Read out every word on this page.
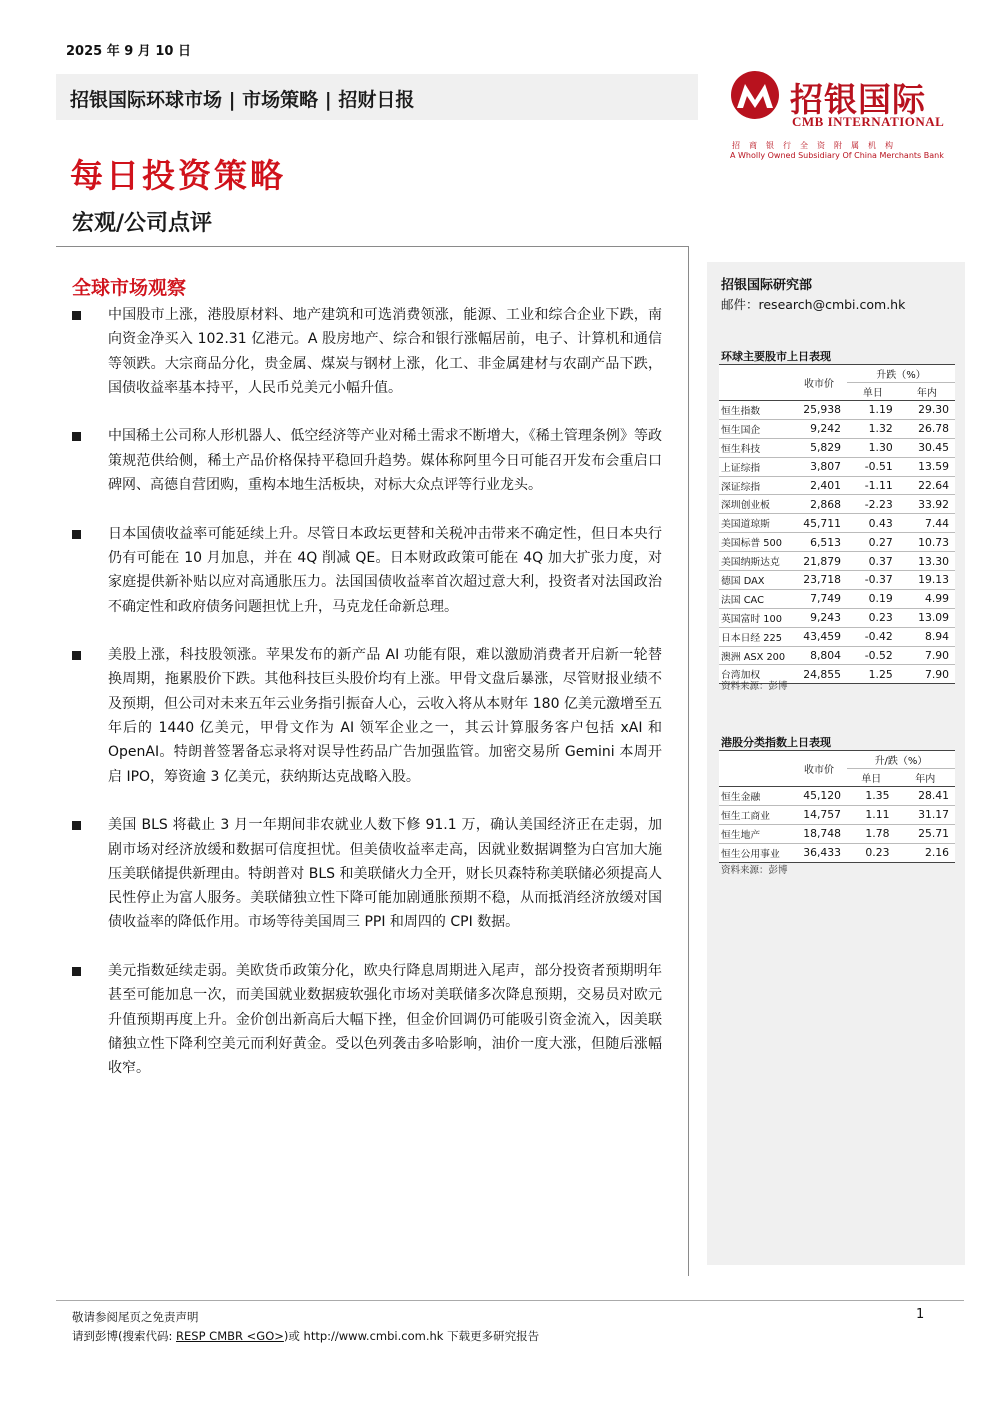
2025 年 9 月 10 日
招银国际环球市场 | 市场策略 | 招财日报	招银国际
CMB INTERNATIONAL
招商银行全资附属机构
A Wholly Owned Subsidiary Of China Merchants Bank
每日投资策略
宏观/公司点评
全球市场观察
中国股市上涨，港股原材料、地产建筑和可选消费领涨，能源、工业和综合企业下跌，南向资金净买入 102.31 亿港元。A 股房地产、综合和银行涨幅居前，电子、计算机和通信等领跌。大宗商品分化，贵金属、煤炭与钢材上涨，化工、非金属建材与农副产品下跌，国债收益率基本持平，人民币兑美元小幅升值。
中国稀土公司称人形机器人、低空经济等产业对稀土需求不断增大，《稀土管理条例》等政策规范供给侧，稀土产品价格保持平稳回升趋势。媒体称阿里今日可能召开发布会重启口碑网、高德自营团购，重构本地生活板块，对标大众点评等行业龙头。
日本国债收益率可能延续上升。尽管日本政坛更替和关税冲击带来不确定性，但日本央行仍有可能在 10 月加息，并在 4Q 削减 QE。日本财政政策可能在 4Q 加大扩张力度，对家庭提供新补贴以应对高通胀压力。法国国债收益率首次超过意大利，投资者对法国政治不确定性和政府债务问题担忧上升，马克龙任命新总理。
美股上涨，科技股领涨。苹果发布的新产品 AI 功能有限，难以激励消费者开启新一轮替换周期，拖累股价下跌。其他科技巨头股价均有上涨。甲骨文盘后暴涨，尽管财报业绩不及预期，但公司对未来五年云业务指引振奋人心，云收入将从本财年 180 亿美元激增至五年后的 1440 亿美元，甲骨文作为 AI 领军企业之一，其云计算服务客户包括 xAI 和 OpenAI。特朗普签署备忘录将对误导性药品广告加强监管。加密交易所 Gemini 本周开启 IPO，筹资逾 3 亿美元，获纳斯达克战略入股。
美国 BLS 将截止 3 月一年期间非农就业人数下修 91.1 万，确认美国经济正在走弱，加剧市场对经济放缓和数据可信度担忧。但美债收益率走高，因就业数据调整为白宫加大施压美联储提供新理由。特朗普对 BLS 和美联储火力全开，财长贝森特称美联储必须提高人民性停止为富人服务。美联储独立性下降可能加剧通胀预期不稳，从而抵消经济放缓对国债收益率的降低作用。市场等待美国周三 PPI 和周四的 CPI 数据。
美元指数延续走弱。美欧货币政策分化，欧央行降息周期进入尾声，部分投资者预期明年甚至可能加息一次，而美国就业数据疲软强化市场对美联储多次降息预期，交易员对欧元升值预期再度上升。金价创出新高后大幅下挫，但金价回调仍可能吸引资金流入，因美联储独立性下降利空美元而利好黄金。受以色列袭击多哈影响，油价一度大涨，但随后涨幅收窄。
招银国际研究部
邮件：research@cmbi.com.hk
环球主要股市上日表现
	收市价	升跌（%）	
		单日	年内
恒生指数	25,938	1.19	29.30
恒生国企	9,242	1.32	26.78
恒生科技	5,829	1.30	30.45
上证综指	3,807	-0.51	13.59
深证综指	2,401	-1.11	22.64
深圳创业板	2,868	-2.23	33.92
美国道琼斯	45,711	0.43	7.44
美国标普 500	6,513	0.27	10.73
美国纳斯达克	21,879	0.37	13.30
德国 DAX	23,718	-0.37	19.13
法国 CAC	7,749	0.19	4.99
英国富时 100	9,243	0.23	13.09
日本日经 225	43,459	-0.42	8.94
澳洲 ASX 200	8,804	-0.52	7.90
台湾加权	24,855	1.25	7.90
资料来源：彭博
港股分类指数上日表现
	收市价	升/跌（%）	
		单日	年内
恒生金融	45,120	1.35	28.41
恒生工商业	14,757	1.11	31.17
恒生地产	18,748	1.78	25.71
恒生公用事业	36,433	0.23	2.16
资料来源：彭博
敬请参阅尾页之免责声明
请到彭博(搜索代码: RESP CMBR <GO>)或 http://www.cmbi.com.hk 下载更多研究报告
1
